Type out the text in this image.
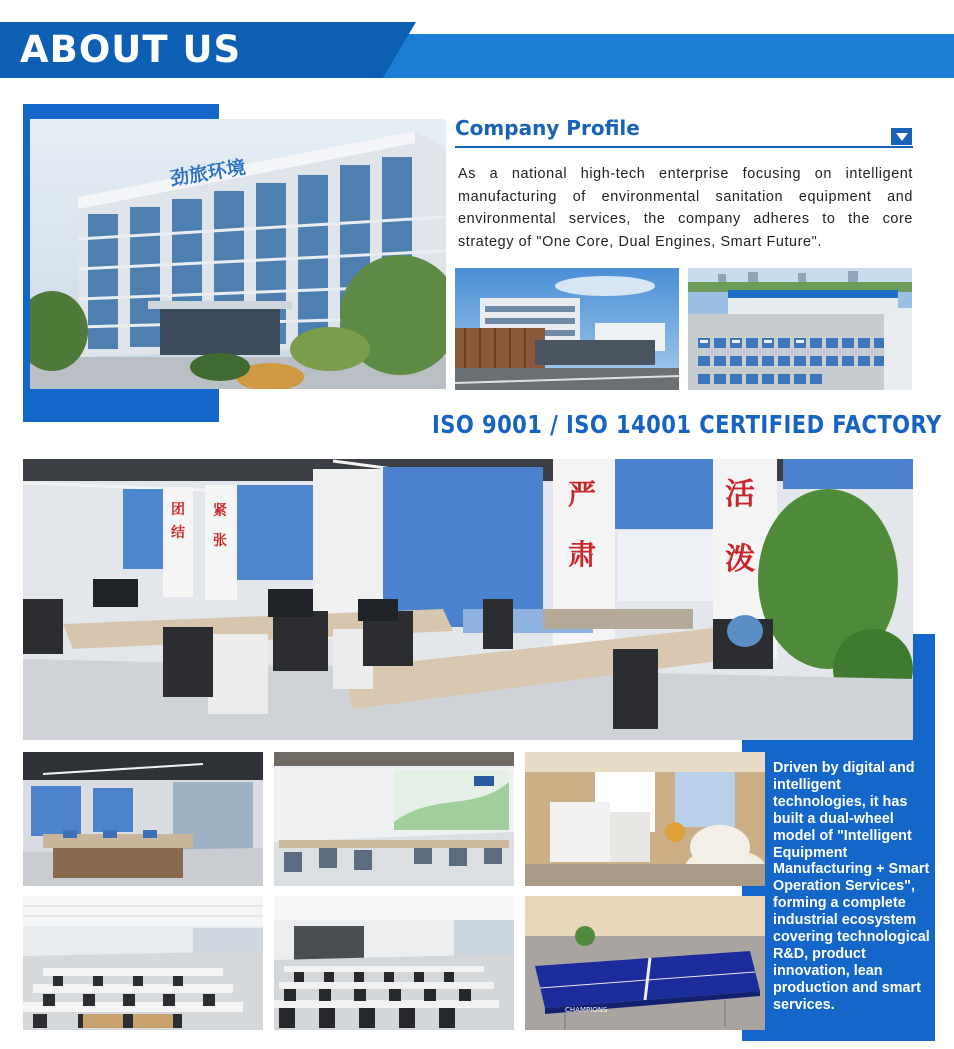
ABOUT US
劲旅环境
Company Profile
As a national high-tech enterprise focusing on intelligent manufacturing of environmental sanitation equipment and environmental services, the company adheres to the core strategy of "One Core, Dual Engines, Smart Future".
ISO 9001 / ISO 14001 CERTIFIED FACTORY
团
结
紧
张
严
肃
活
泼
CHAMPIONS
Driven by digital and intelligent technologies, it has built a dual-wheel model of "Intelligent Equipment Manufacturing + Smart Operation Services", forming a complete industrial ecosystem covering technological R&D, product innovation, lean production and smart services.
